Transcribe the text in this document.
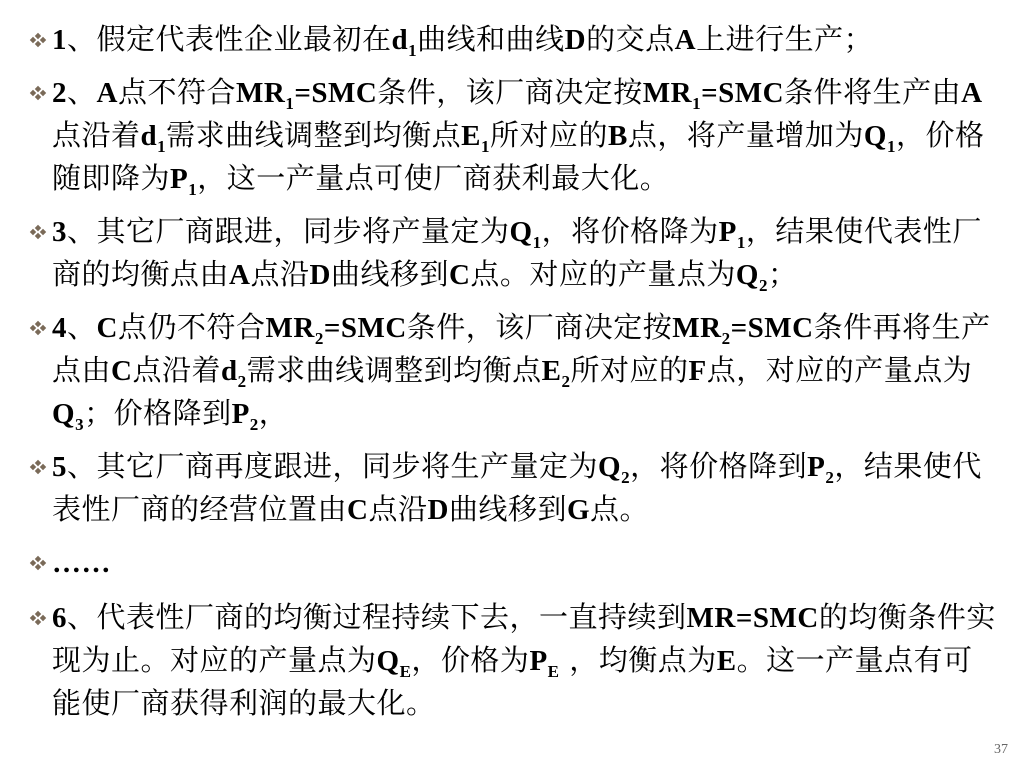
1、假定代表性企业最初在$d_1$曲线和曲线D的交点A上进行生产；
2、A点不符合$MR_1=SMC$条件，该厂商决定按$MR_1=SMC$条件将生产由A点沿着$d_1$需求曲线调整到均衡点$E_1$所对应的B点，将产量增加为$Q_1$，价格随即降为$P_1$，这一产量点可使厂商获利最大化。
3、其它厂商跟进，同步将产量定为$Q_1$，将价格降为$P_1$，结果使代表性厂商的均衡点由A点沿D曲线移到C点。对应的产量点为$Q_2$；
4、C点仍不符合$MR_2=SMC$条件，该厂商决定按$MR_2=SMC$条件再将生产点由C点沿着$d_2$需求曲线调整到均衡点$E_2$所对应的F点，对应的产量点为$Q_3$；价格降到$P_2$，
5、其它厂商再度跟进，同步将生产量定为$Q_2$，将价格降到$P_2$，结果使代表性厂商的经营位置由C点沿D曲线移到G点。
……
6、代表性厂商的均衡过程持续下去，一直持续到MR=SMC的均衡条件实现为止。对应的产量点为$Q_E$，价格为$P_E$ ，均衡点为E。这一产量点有可能使厂商获得利润的最大化。
37
